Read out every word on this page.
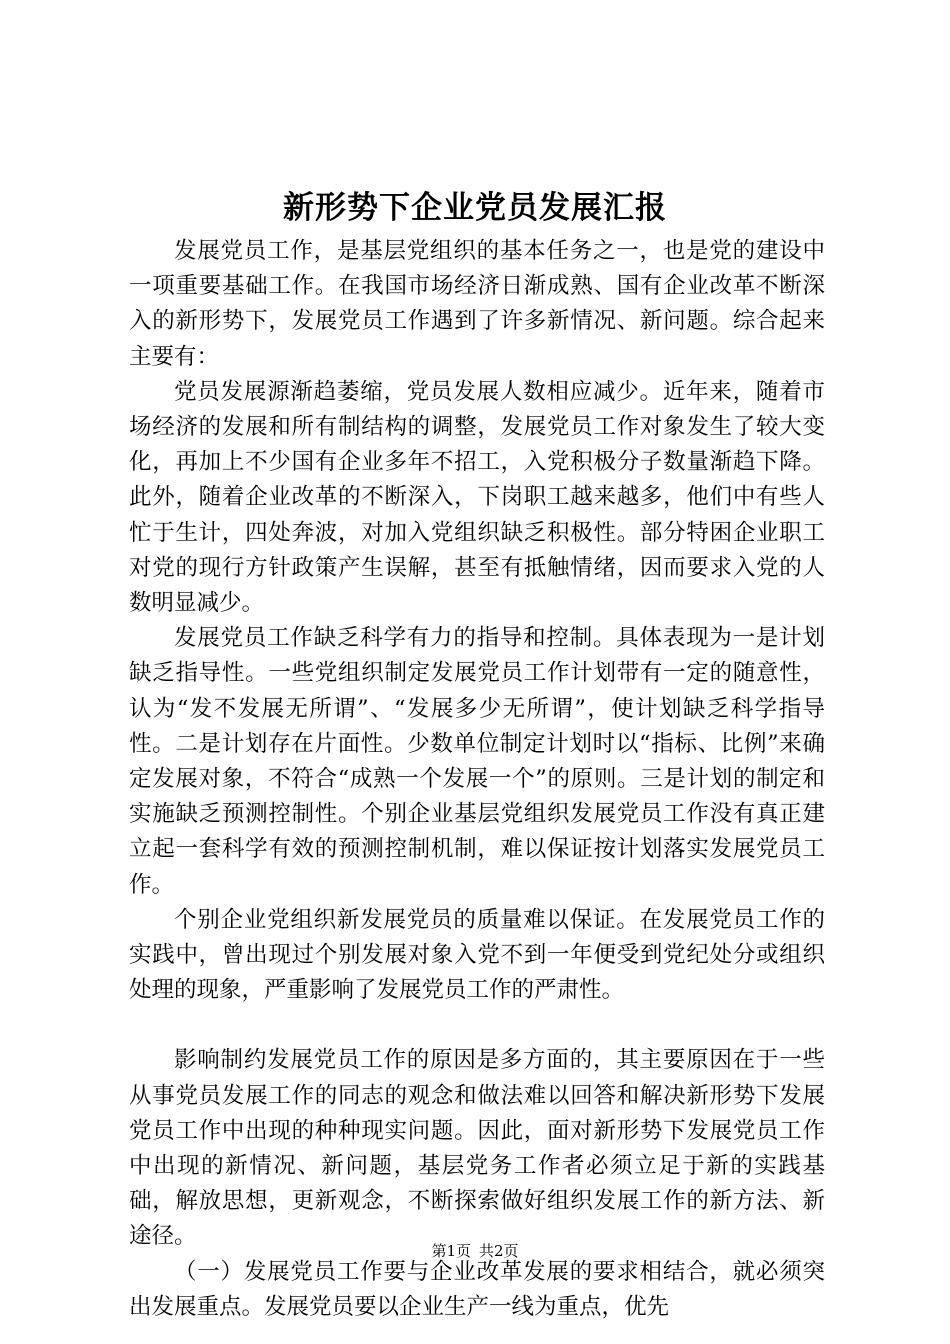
新形势下企业党员发展汇报

发展党员工作，是基层党组织的基本任务之一，也是党的建设中一项重要基础工作。在我国市场经济日渐成熟、国有企业改革不断深入的新形势下，发展党员工作遇到了许多新情况、新问题。综合起来主要有：

党员发展源渐趋萎缩，党员发展人数相应减少。近年来，随着市场经济的发展和所有制结构的调整，发展党员工作对象发生了较大变化，再加上不少国有企业多年不招工，入党积极分子数量渐趋下降。此外，随着企业改革的不断深入，下岗职工越来越多，他们中有些人忙于生计，四处奔波，对加入党组织缺乏积极性。部分特困企业职工对党的现行方针政策产生误解，甚至有抵触情绪，因而要求入党的人数明显减少。

发展党员工作缺乏科学有力的指导和控制。具体表现为一是计划缺乏指导性。一些党组织制定发展党员工作计划带有一定的随意性，认为“发不发展无所谓”、“发展多少无所谓”，使计划缺乏科学指导性。二是计划存在片面性。少数单位制定计划时以“指标、比例”来确定发展对象，不符合“成熟一个发展一个”的原则。三是计划的制定和实施缺乏预测控制性。个别企业基层党组织发展党员工作没有真正建立起一套科学有效的预测控制机制，难以保证按计划落实发展党员工作。

个别企业党组织新发展党员的质量难以保证。在发展党员工作的实践中，曾出现过个别发展对象入党不到一年便受到党纪处分或组织处理的现象，严重影响了发展党员工作的严肃性。

影响制约发展党员工作的原因是多方面的，其主要原因在于一些从事党员发展工作的同志的观念和做法难以回答和解决新形势下发展党员工作中出现的种种现实问题。因此，面对新形势下发展党员工作中出现的新情况、新问题，基层党务工作者必须立足于新的实践基础，解放思想，更新观念，不断探索做好组织发展工作的新方法、新途径。

（一）发展党员工作要与企业改革发展的要求相结合，就必须突出发展重点。发展党员要以企业生产一线为重点，优先

第1页 共2页
